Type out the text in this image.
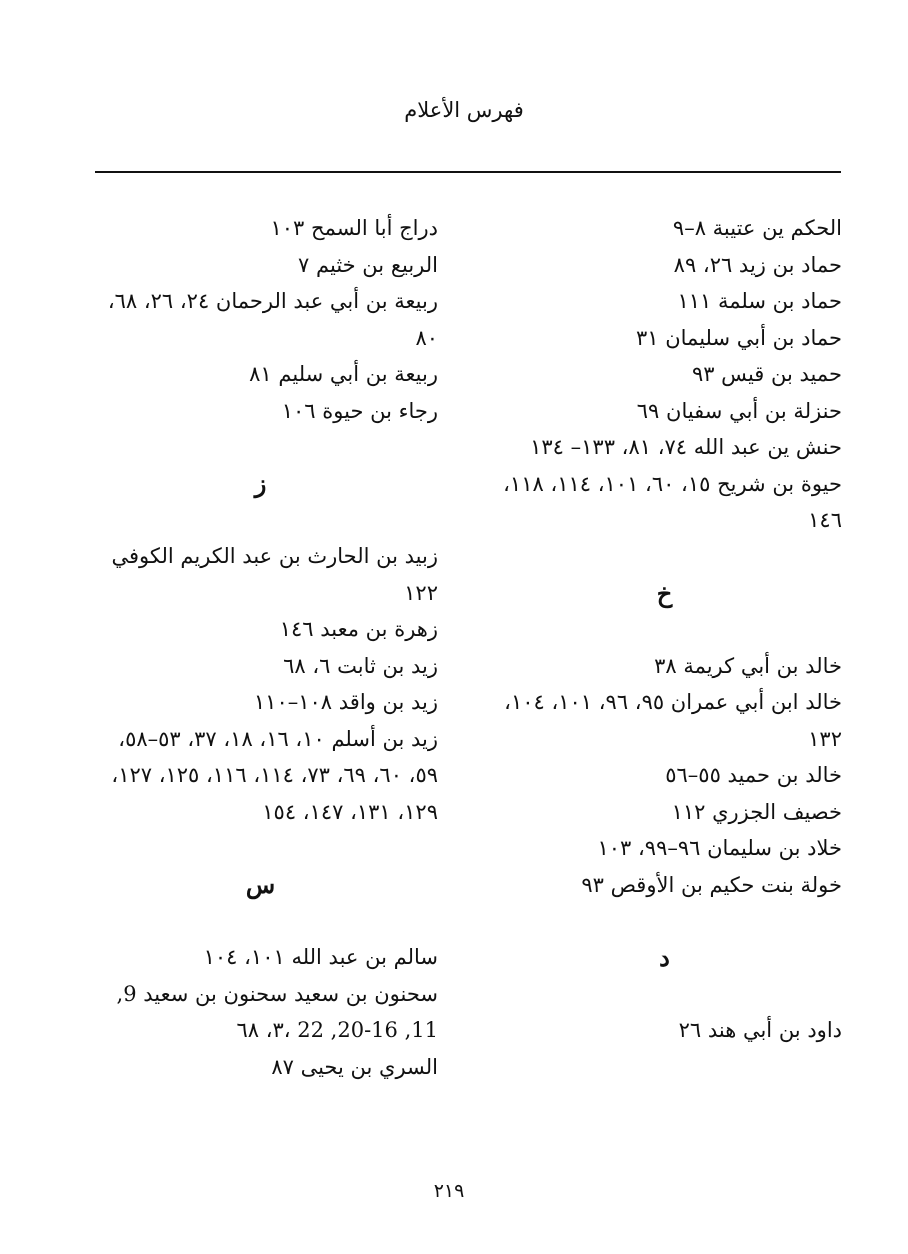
فهرس الأعلام

الحكم ين عتيبة ٨–٩

حماد بن زيد ٢٦، ٨٩

حماد بن سلمة ١١١

حماد بن أبي سليمان ٣١

حميد بن قيس ٩٣

حنزلة بن أبي سفيان ٦٩

حنش ين عبد الله ٧٤، ٨١، ١٣٣– ١٣٤

حيوة بن شريح ١٥، ٦٠، ١٠١، ١١٤، ١١٨، ١٤٦

خ

خالد بن أبي كريمة ٣٨

خالد ابن أبي عمران ٩٥، ٩٦، ١٠١، ١٠٤، ١٣٢

خالد بن حميد ٥٥–٥٦

خصيف الجزري ١١٢

خلاد بن سليمان ٩٦–٩٩، ١٠٣

خولة بنت حكيم بن الأوقص ٩٣

د

داود بن أبي هند ٢٦

دراج أبا السمح ١٠٣

الربيع بن خثيم ٧

ربيعة بن أبي عبد الرحمان ٢٤، ٢٦، ٦٨، ٨٠

ربيعة بن أبي سليم ٨١

رجاء بن حيوة ١٠٦

ز

زبيد بن الحارث بن عبد الكريم الكوفي ١٢٢

زهرة بن معبد ١٤٦

زيد بن ثابت ٦، ٦٨

زيد بن واقد ١٠٨–١١٠

زيد بن أسلم ١٠، ١٦، ١٨، ٣٧، ٥٣–٥٨، ٥٩، ٦٠، ٦٩، ٧٣، ١١٤، ١١٦، ١٢٥، ١٢٧، ١٢٩، ١٣١، ١٤٧، ١٥٤

س

سالم بن عبد الله ١٠١، ١٠٤

سحنون بن سعيد سحنون بن سعيد 9, 11, 16-20, 22 ،٣، ٦٨

السري بن يحيى ٨٧

٢١٩
